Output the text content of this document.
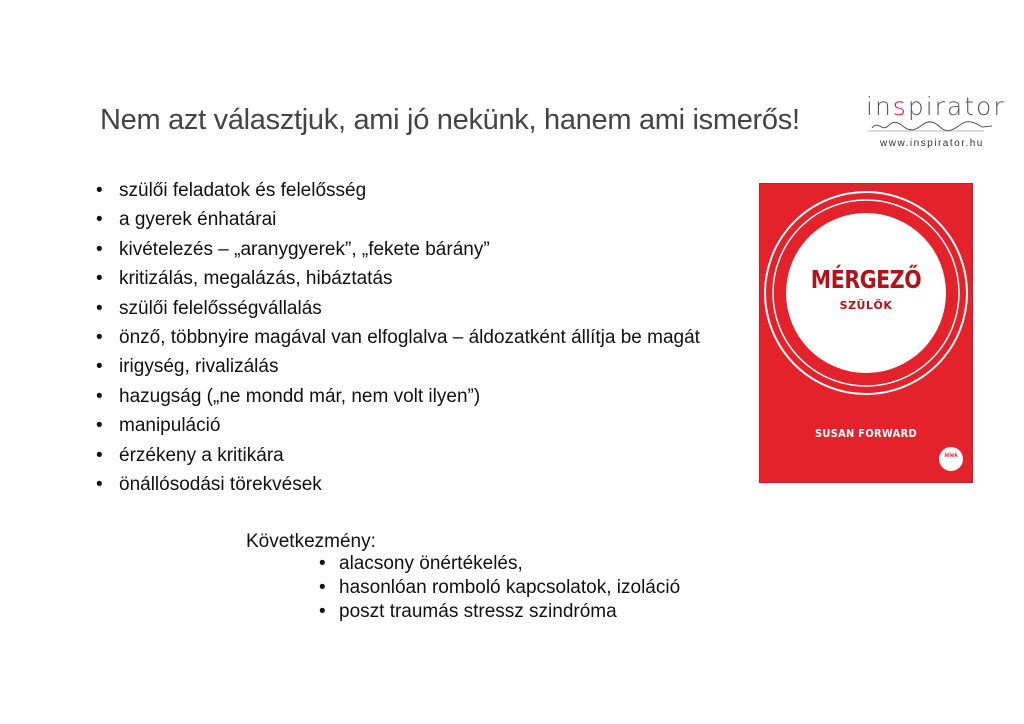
Nem azt választjuk, ami jó nekünk, hanem ami ismerős!	inspirator
www.inspirator.hu
• szülői feladatok és felelősség
• a gyerek énhatárai
• kivételezés – „aranygyerek”, „fekete bárány”
• kritizálás, megalázás, hibáztatás
• szülői felelősségvállalás
• önző, többnyire magával van elfoglalva – áldozatként állítja be magát
• irigység, rivalizálás
• hazugság („ne mondd már, nem volt ilyen”)
• manipuláció
• érzékeny a kritikára
• önállósodási törekvések
MÉRGEZŐ
SZÜLŐK
SUSAN FORWARD
lélek
Következmény:
• alacsony önértékelés,
• hasonlóan romboló kapcsolatok, izoláció
• poszt traumás stressz szindróma
